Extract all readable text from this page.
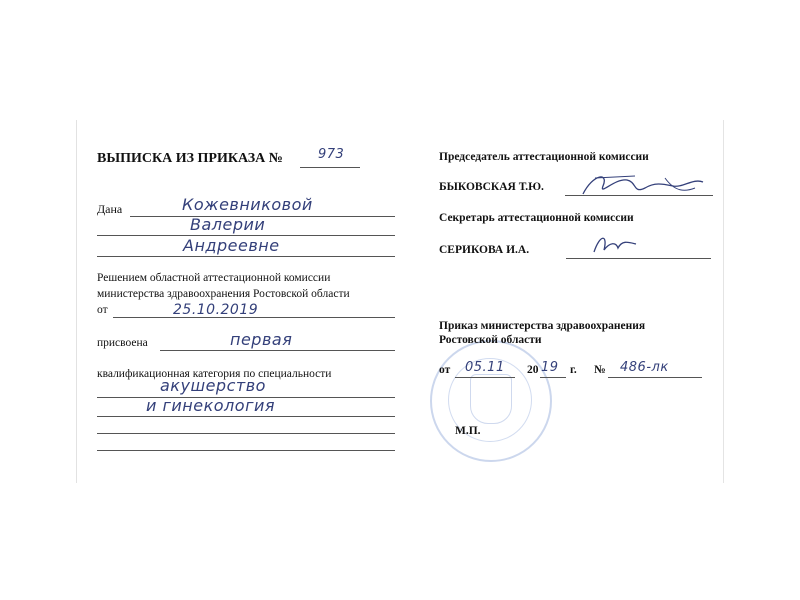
ВЫПИСКА ИЗ ПРИКАЗА №	973
Дана	Кожевниковой
Валерии
Андреевне
Решением областной аттестационной комиссии
министерства здравоохранения Ростовской области
от	25.10.2019
присвоена	первая
квалификационная категория по специальности
акушерство
и гинекология
Председатель аттестационной комиссии
БЫКОВСКАЯ Т.Ю.
Секретарь аттестационной комиссии
СЕРИКОВА И.А.
Приказ министерства здравоохранения
Ростовской области
от 05.11 20 19 г. № 486-лк
М.П.
